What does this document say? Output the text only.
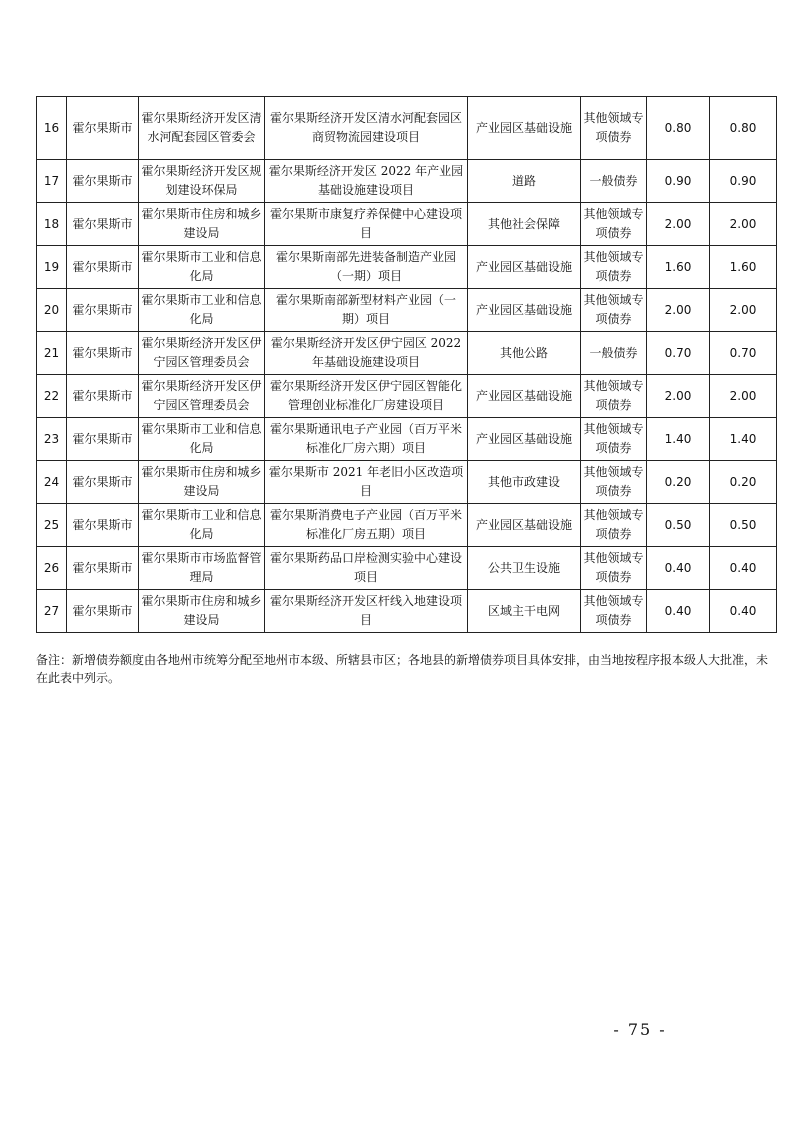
16	霍尔果斯市	霍尔果斯经济开发区清水河配套园区管委会	霍尔果斯经济开发区清水河配套园区商贸物流园建设项目	产业园区基础设施	其他领域专项债券	0.80	0.80
17	霍尔果斯市	霍尔果斯经济开发区规划建设环保局	霍尔果斯经济开发区 2022 年产业园基础设施建设项目	道路	一般债券	0.90	0.90
18	霍尔果斯市	霍尔果斯市住房和城乡建设局	霍尔果斯市康复疗养保健中心建设项目	其他社会保障	其他领域专项债券	2.00	2.00
19	霍尔果斯市	霍尔果斯市工业和信息化局	霍尔果斯南部先进装备制造产业园（一期）项目	产业园区基础设施	其他领域专项债券	1.60	1.60
20	霍尔果斯市	霍尔果斯市工业和信息化局	霍尔果斯南部新型材料产业园（一期）项目	产业园区基础设施	其他领域专项债券	2.00	2.00
21	霍尔果斯市	霍尔果斯经济开发区伊宁园区管理委员会	霍尔果斯经济开发区伊宁园区 2022 年基础设施建设项目	其他公路	一般债券	0.70	0.70
22	霍尔果斯市	霍尔果斯经济开发区伊宁园区管理委员会	霍尔果斯经济开发区伊宁园区智能化管理创业标准化厂房建设项目	产业园区基础设施	其他领域专项债券	2.00	2.00
23	霍尔果斯市	霍尔果斯市工业和信息化局	霍尔果斯通讯电子产业园（百万平米标准化厂房六期）项目	产业园区基础设施	其他领域专项债券	1.40	1.40
24	霍尔果斯市	霍尔果斯市住房和城乡建设局	霍尔果斯市 2021 年老旧小区改造项目	其他市政建设	其他领域专项债券	0.20	0.20
25	霍尔果斯市	霍尔果斯市工业和信息化局	霍尔果斯消费电子产业园（百万平米标准化厂房五期）项目	产业园区基础设施	其他领域专项债券	0.50	0.50
26	霍尔果斯市	霍尔果斯市市场监督管理局	霍尔果斯药品口岸检测实验中心建设项目	公共卫生设施	其他领域专项债券	0.40	0.40
27	霍尔果斯市	霍尔果斯市住房和城乡建设局	霍尔果斯经济开发区杆线入地建设项目	区域主干电网	其他领域专项债券	0.40	0.40
备注：新增债券额度由各地州市统筹分配至地州市本级、所辖县市区；各地县的新增债券项目具体安排，由当地按程序报本级人大批准，未在此表中列示。
- 75 -
